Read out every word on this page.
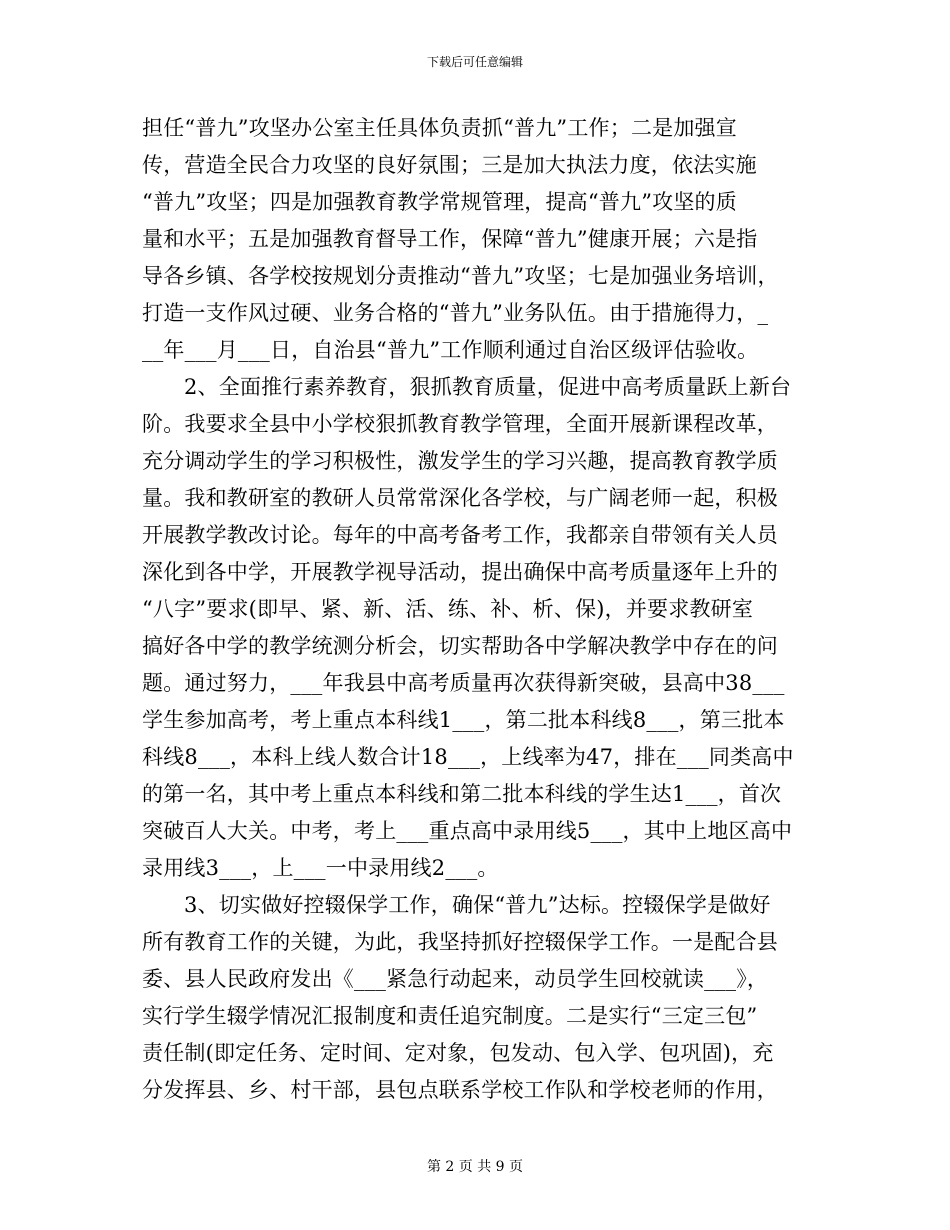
下载后可任意编辑
担任“普九”攻坚办公室主任具体负责抓“普九”工作；二是加强宣
传，营造全民合力攻坚的良好氛围；三是加大执法力度，依法实施
“普九”攻坚；四是加强教育教学常规管理，提高“普九”攻坚的质
量和水平；五是加强教育督导工作，保障“普九”健康开展；六是指
导各乡镇、各学校按规划分责推动“普九”攻坚；七是加强业务培训，
打造一支作风过硬、业务合格的“普九”业务队伍。由于措施得力，_
__年___月___日，自治县“普九”工作顺利通过自治区级评估验收。
2、全面推行素养教育，狠抓教育质量，促进中高考质量跃上新台
阶。我要求全县中小学校狠抓教育教学管理，全面开展新课程改革，
充分调动学生的学习积极性，激发学生的学习兴趣，提高教育教学质
量。我和教研室的教研人员常常深化各学校，与广阔老师一起，积极
开展教学教改讨论。每年的中高考备考工作，我都亲自带领有关人员
深化到各中学，开展教学视导活动，提出确保中高考质量逐年上升的
“八字”要求(即早、紧、新、活、练、补、析、保)，并要求教研室
搞好各中学的教学统测分析会，切实帮助各中学解决教学中存在的问
题。通过努力，___年我县中高考质量再次获得新突破，县高中38___
学生参加高考，考上重点本科线1___，第二批本科线8___，第三批本
科线8___，本科上线人数合计18___，上线率为47，排在___同类高中
的第一名，其中考上重点本科线和第二批本科线的学生达1___，首次
突破百人大关。中考，考上___重点高中录用线5___，其中上地区高中
录用线3___，上___一中录用线2___。
3、切实做好控辍保学工作，确保“普九”达标。控辍保学是做好
所有教育工作的关键，为此，我坚持抓好控辍保学工作。一是配合县
委、县人民政府发出《___紧急行动起来，动员学生回校就读___》，
实行学生辍学情况汇报制度和责任追究制度。二是实行“三定三包”
责任制(即定任务、定时间、定对象，包发动、包入学、包巩固)，充
分发挥县、乡、村干部，县包点联系学校工作队和学校老师的作用，
第 2 页 共 9 页
